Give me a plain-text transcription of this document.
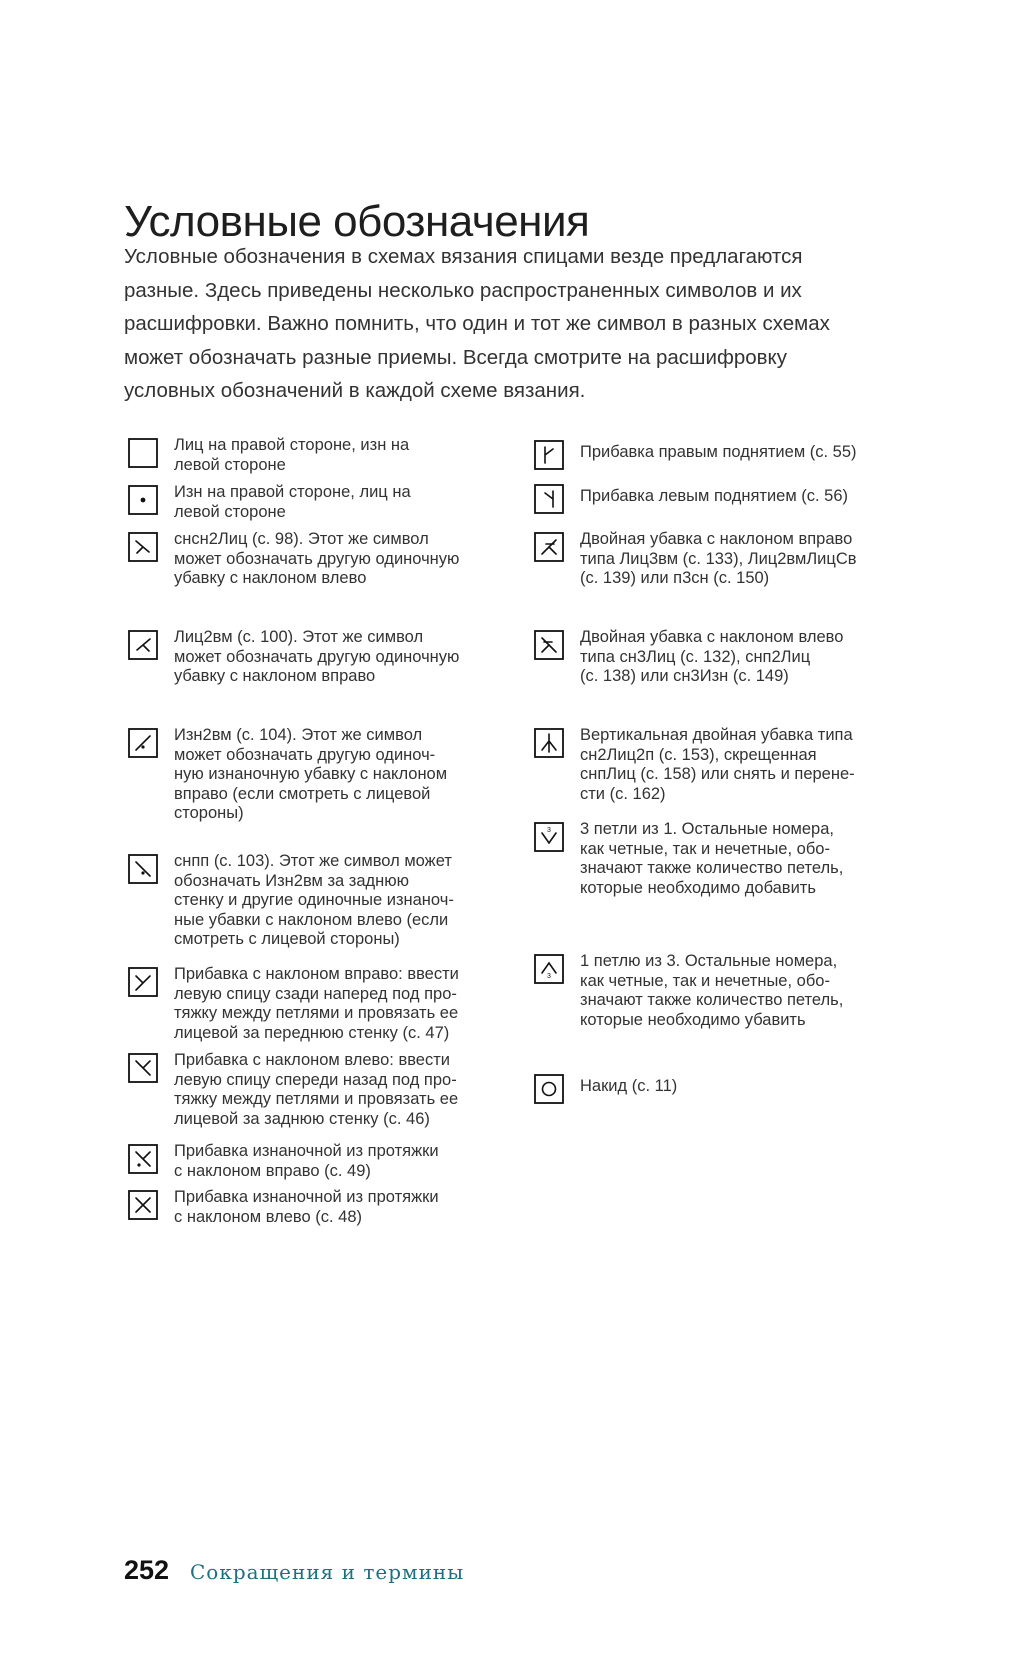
Условные обозначения

Условные обозначения в схемах вязания спицами везде предлагаются
разные. Здесь приведены несколько распространенных символов и их
расшифровки. Важно помнить, что один и тот же символ в разных схемах
может обозначать разные приемы. Всегда смотрите на расшифровку
условных обозначений в каждой схеме вязания.

Лиц на правой стороне, изн на
левой стороне
Изн на правой стороне, лиц на
левой стороне
снсн2Лиц (с. 98). Этот же символ
может обозначать другую одиночную
убавку с наклоном влево
Лиц2вм (с. 100). Этот же символ
может обозначать другую одиночную
убавку с наклоном вправо
Изн2вм (с. 104). Этот же символ
может обозначать другую одиноч-
ную изнаночную убавку с наклоном
вправо (если смотреть с лицевой
стороны)
снпп (с. 103). Этот же символ может
обозначать Изн2вм за заднюю
стенку и другие одиночные изнаноч-
ные убавки с наклоном влево (если
смотреть с лицевой стороны)
Прибавка с наклоном вправо: ввести
левую спицу сзади наперед под про-
тяжку между петлями и провязать ее
лицевой за переднюю стенку (с. 47)
Прибавка с наклоном влево: ввести
левую спицу спереди назад под про-
тяжку между петлями и провязать ее
лицевой за заднюю стенку (с. 46)
Прибавка изнаночной из протяжки
с наклоном вправо (с. 49)
Прибавка изнаночной из протяжки
с наклоном влево (с. 48)
Прибавка правым поднятием (с. 55)
Прибавка левым поднятием (с. 56)
Двойная убавка с наклоном вправо
типа Лиц3вм (с. 133), Лиц2вмЛицСв
(с. 139) или п3сн (с. 150)
Двойная убавка с наклоном влево
типа сн3Лиц (с. 132), снп2Лиц
(с. 138) или сн3Изн (с. 149)
Вертикальная двойная убавка типа
сн2Лиц2п (с. 153), скрещенная
снпЛиц (с. 158) или снять и перене-
сти (с. 162)
3 3 петли из 1. Остальные номера,
как четные, так и нечетные, обо-
значают также количество петель,
которые необходимо добавить
3
1 петлю из 3. Остальные номера,
как четные, так и нечетные, обо-
значают также количество петель,
которые необходимо убавить
Накид (с. 11)
252 Сокращения и термины
